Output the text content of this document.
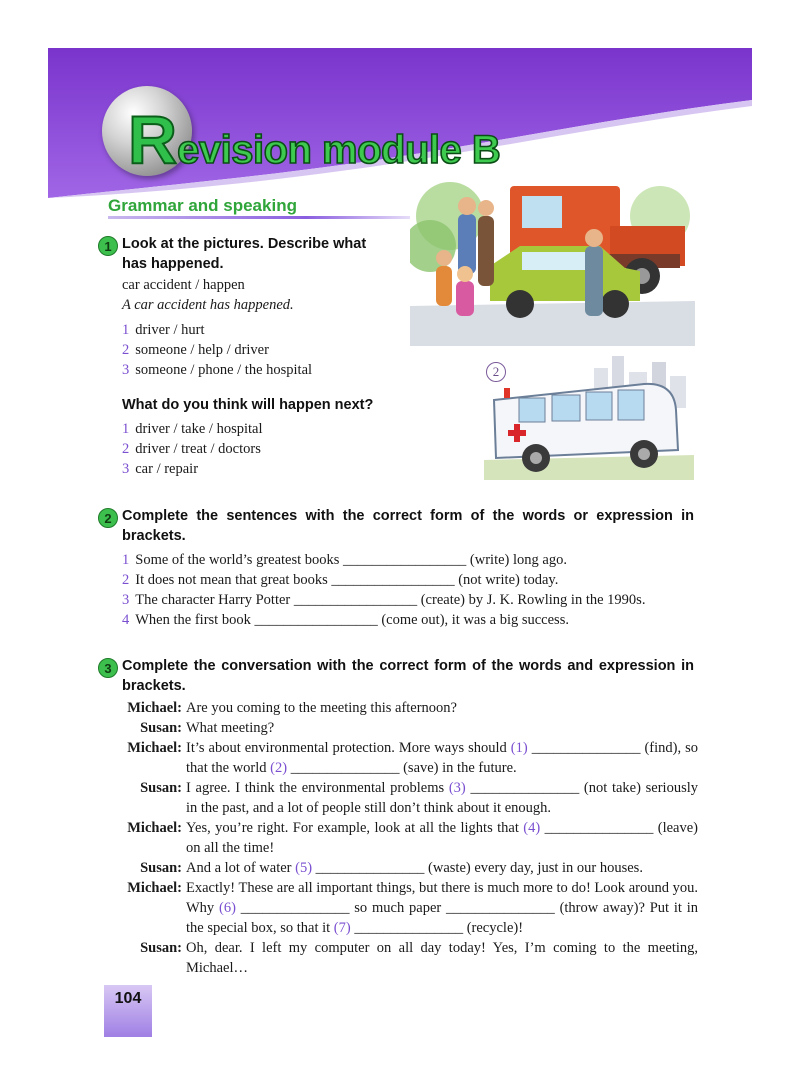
R evision module B
Grammar and speaking
1 Look at the pictures. Describe what has happened.
car accident / happen
A car accident has happened.
1 driver / hurt
2 someone / help / driver
3 someone / phone / the hospital
What do you think will happen next?
1 driver / take / hospital
2 driver / treat / doctors
3 car / repair
2
2 Complete the sentences with the correct form of the words or expression in brackets.
1 Some of the world’s greatest books _________________ (write) long ago.
2 It does not mean that great books _________________ (not write) today.
3 The character Harry Potter _________________ (create) by J. K. Rowling in the 1990s.
4 When the first book _________________ (come out), it was a big success.
3 Complete the conversation with the correct form of the words and expression in brackets.
Michael: Are you coming to the meeting this afternoon?
Susan: What meeting?
Michael: It’s about environmental protection. More ways should (1) _______________ (find), so that the world (2) _______________ (save) in the future.
Susan: I agree. I think the environmental problems (3) _______________ (not take) seriously in the past, and a lot of people still don’t think about it enough.
Michael: Yes, you’re right. For example, look at all the lights that (4) _______________ (leave) on all the time!
Susan: And a lot of water (5) _______________ (waste) every day, just in our houses.
Michael: Exactly! These are all important things, but there is much more to do! Look around you. Why (6) _______________ so much paper _______________ (throw away)? Put it in the special box, so that it (7) _______________ (recycle)!
Susan: Oh, dear. I left my computer on all day today! Yes, I’m coming to the meeting, Michael…
104
